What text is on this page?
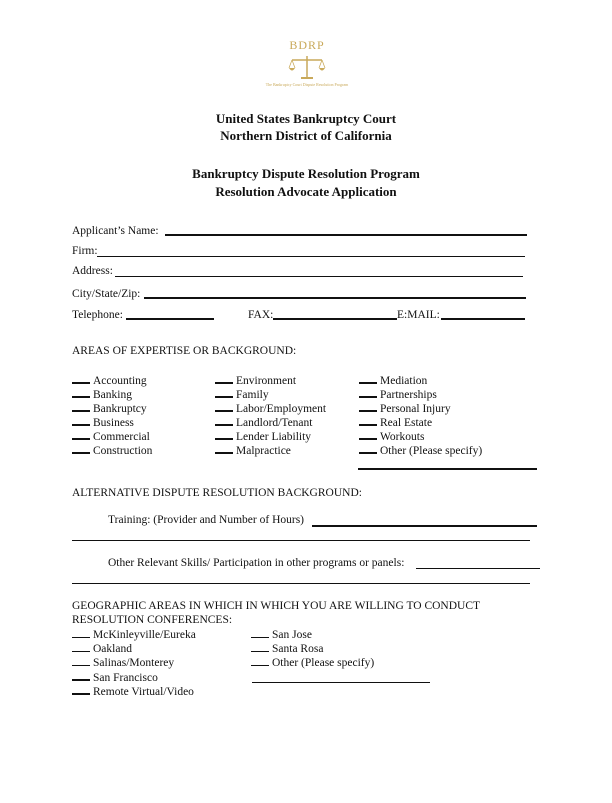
BDRP
The Bankruptcy Court Dispute Resolution Program
United States Bankruptcy Court
Northern District of California
Bankruptcy Dispute Resolution Program
Resolution Advocate Application
Applicant’s Name:
Firm:
Address:
City/State/Zip:
Telephone:	FAX:	E:MAIL:
AREAS OF EXPERTISE OR BACKGROUND:
Accounting
Banking
Bankruptcy
Business
Commercial
Construction
Environment
Family
Labor/Employment
Landlord/Tenant
Lender Liability
Malpractice
Mediation
Partnerships
Personal Injury
Real Estate
Workouts
Other (Please specify)
ALTERNATIVE DISPUTE RESOLUTION BACKGROUND:
Training: (Provider and Number of Hours)
Other Relevant Skills/ Participation in other programs or panels:
GEOGRAPHIC AREAS IN WHICH IN WHICH YOU ARE WILLING TO CONDUCT
RESOLUTION CONFERENCES:
McKinleyville/Eureka
Oakland
Salinas/Monterey
San Francisco
Remote Virtual/Video
San Jose
Santa Rosa
Other (Please specify)
